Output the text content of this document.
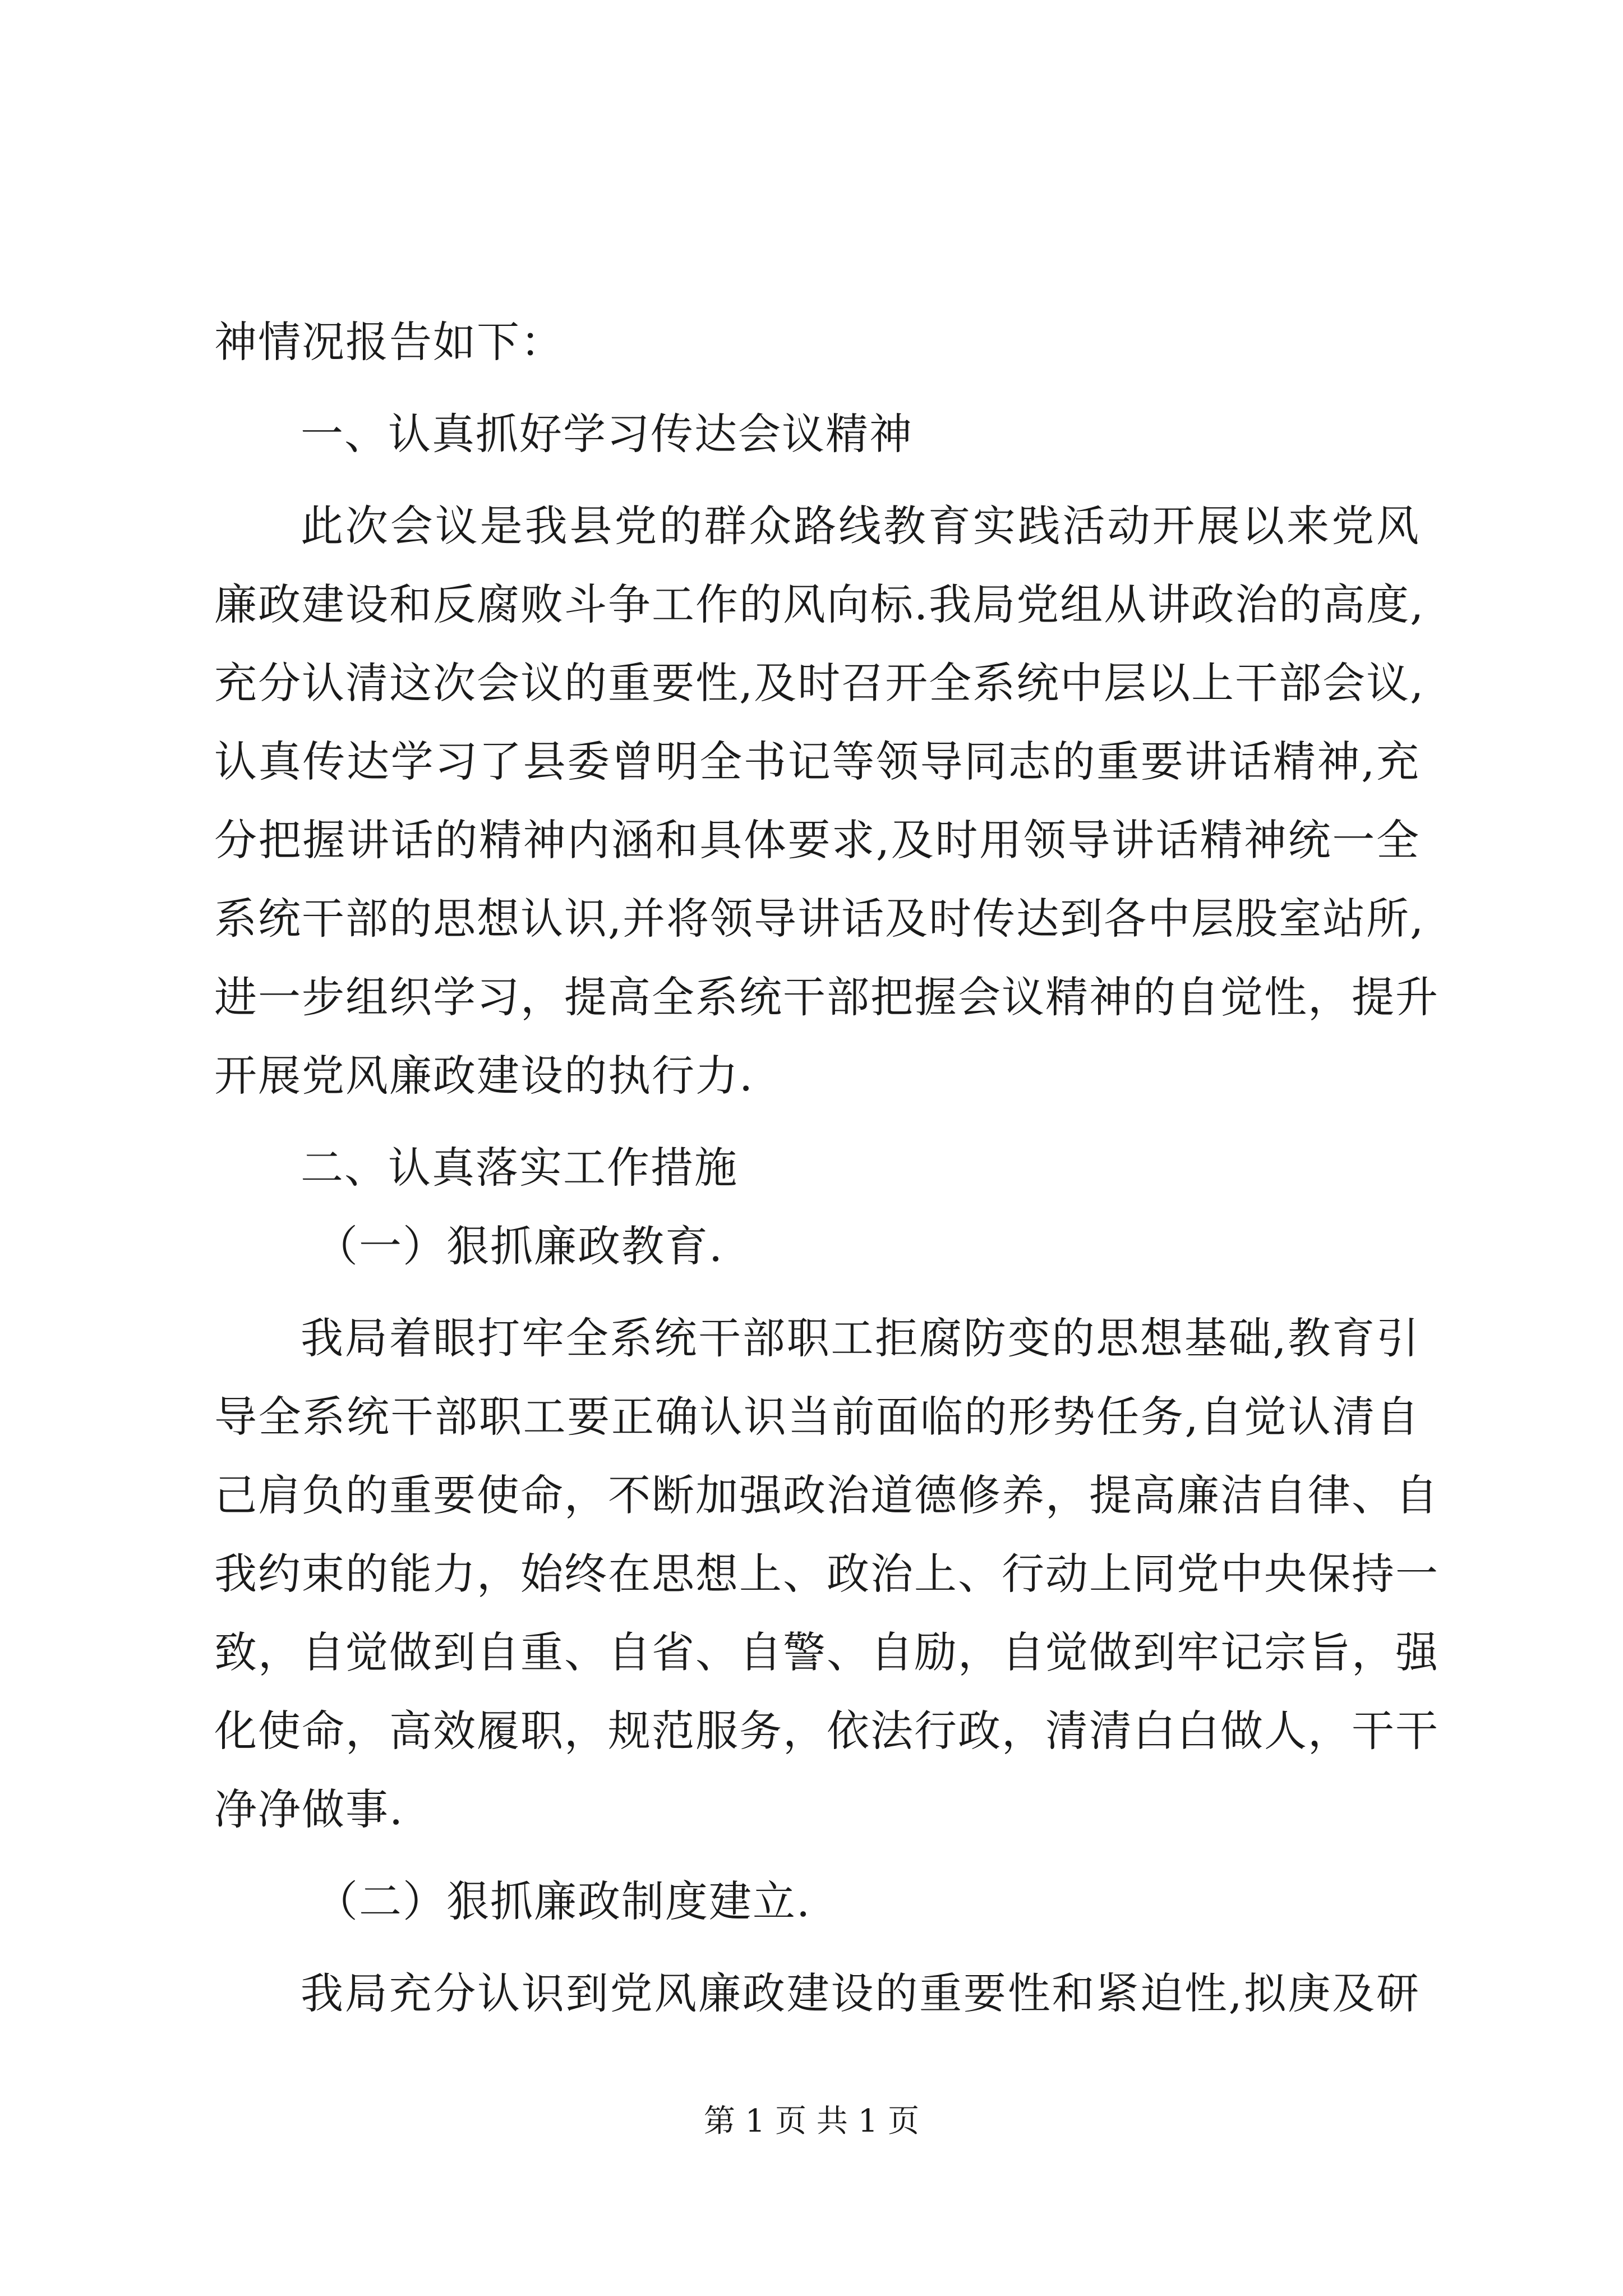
神情况报告如下：
一、认真抓好学习传达会议精神
此次会议是我县党的群众路线教育实践活动开展以来党风
廉政建设和反腐败斗争工作的风向标.我局党组从讲政治的高度,
充分认清这次会议的重要性,及时召开全系统中层以上干部会议,
认真传达学习了县委曾明全书记等领导同志的重要讲话精神,充
分把握讲话的精神内涵和具体要求,及时用领导讲话精神统一全
系统干部的思想认识,并将领导讲话及时传达到各中层股室站所,
进一步组织学习，提高全系统干部把握会议精神的自觉性，提升
开展党风廉政建设的执行力.
二、认真落实工作措施
（一）狠抓廉政教育.
我局着眼打牢全系统干部职工拒腐防变的思想基础,教育引
导全系统干部职工要正确认识当前面临的形势任务,自觉认清自
己肩负的重要使命，不断加强政治道德修养，提高廉洁自律、自
我约束的能力，始终在思想上、政治上、行动上同党中央保持一
致，自觉做到自重、自省、自警、自励，自觉做到牢记宗旨，强
化使命，高效履职，规范服务，依法行政，清清白白做人，干干
净净做事.
（二）狠抓廉政制度建立.
我局充分认识到党风廉政建设的重要性和紧迫性,拟庚及研
第 1 页 共 1 页
